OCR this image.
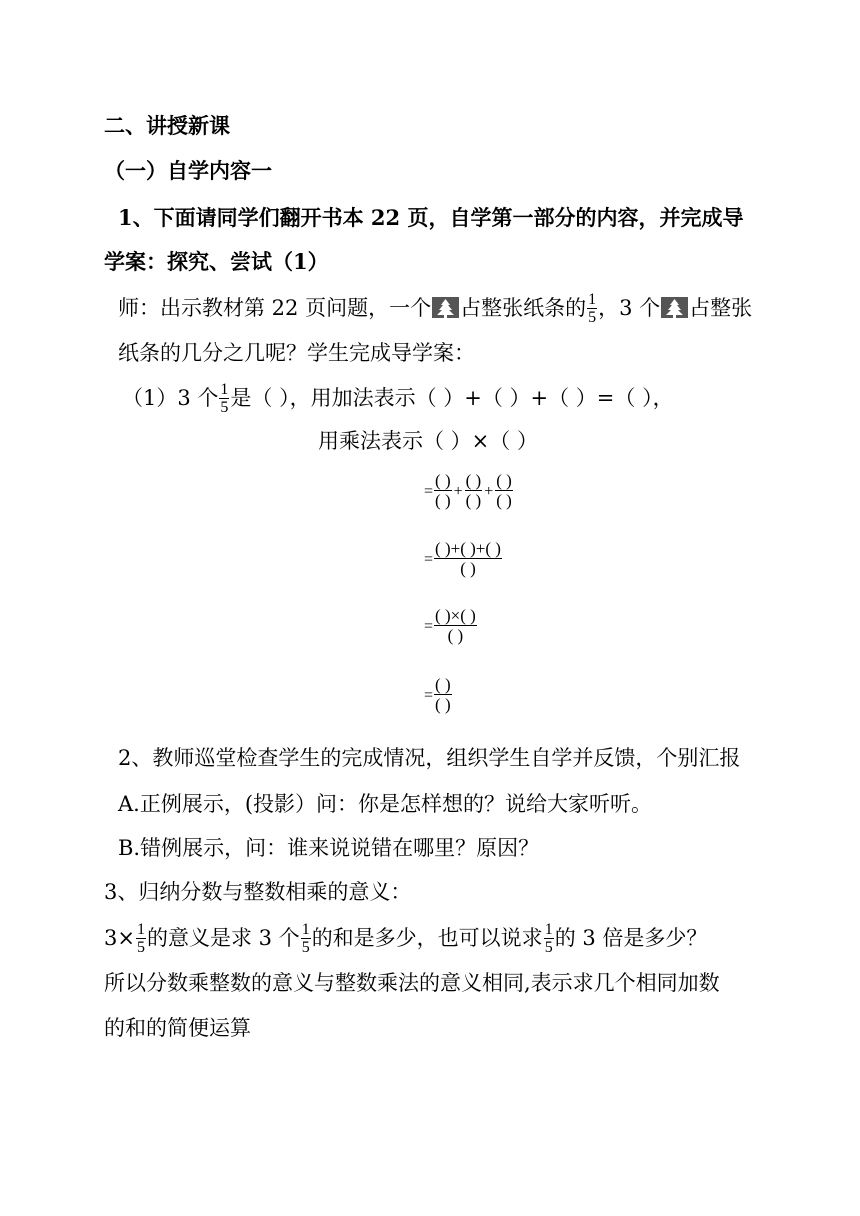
二、讲授新课
（一）自学内容一
1、下面请同学们翻开书本 22 页，自学第一部分的内容，并完成导
学案：探究、尝试（1）
师：出示教材第 22 页问题，一个 占整张纸条的 $\frac{1}{5}$ ，3 个 占整张
纸条的几分之几呢？学生完成导学案：
（1）3 个 $\frac{1}{5}$ 是（ ），用加法表示（ ）+（ ）+（ ）=（ ），
用乘法表示（ ）×（ ）
= $\frac{( )}{( )} + \frac{( )}{( )} + \frac{( )}{( )}$
= $\frac{( )+( )+( )}{( )}$
= $\frac{( )\times( )}{( )}$
= $\frac{( )}{( )}$
2、教师巡堂检查学生的完成情况，组织学生自学并反馈，个别汇报
A.正例展示，(投影）问：你是怎样想的？说给大家听听。
B.错例展示，问：谁来说说错在哪里？原因？
3、归纳分数与整数相乘的意义：
$3\times \frac{1}{5}$ 的意义是求 3 个 $\frac{1}{5}$ 的和是多少，也可以说求 $\frac{1}{5}$ 的 3 倍是多少？
所以分数乘整数的意义与整数乘法的意义相同,表示求几个相同加数
的和的简便运算
